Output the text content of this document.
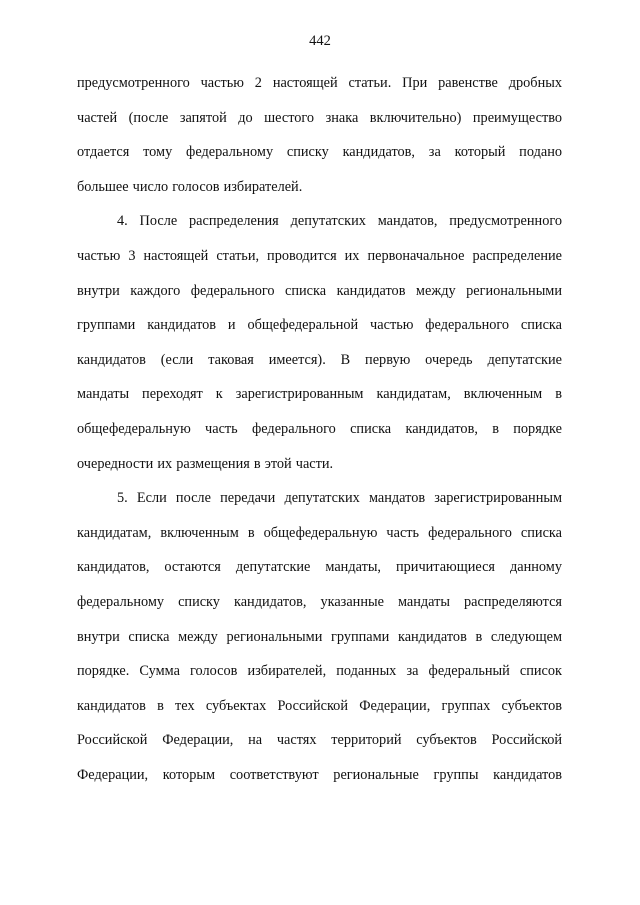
442
предусмотренного частью 2 настоящей статьи. При равенстве дробных
частей (после запятой до шестого знака включительно) преимущество
отдается тому федеральному списку кандидатов, за который подано
большее число голосов избирателей.
4. После распределения депутатских мандатов, предусмотренного
частью 3 настоящей статьи, проводится их первоначальное распределение
внутри каждого федерального списка кандидатов между региональными
группами кандидатов и общефедеральной частью федерального списка
кандидатов (если таковая имеется). В первую очередь депутатские
мандаты переходят к зарегистрированным кандидатам, включенным в
общефедеральную часть федерального списка кандидатов, в порядке
очередности их размещения в этой части.
5. Если после передачи депутатских мандатов зарегистрированным
кандидатам, включенным в общефедеральную часть федерального списка
кандидатов, остаются депутатские мандаты, причитающиеся данному
федеральному списку кандидатов, указанные мандаты распределяются
внутри списка между региональными группами кандидатов в следующем
порядке. Сумма голосов избирателей, поданных за федеральный список
кандидатов в тех субъектах Российской Федерации, группах субъектов
Российской Федерации, на частях территорий субъектов Российской
Федерации, которым соответствуют региональные группы кандидатов
